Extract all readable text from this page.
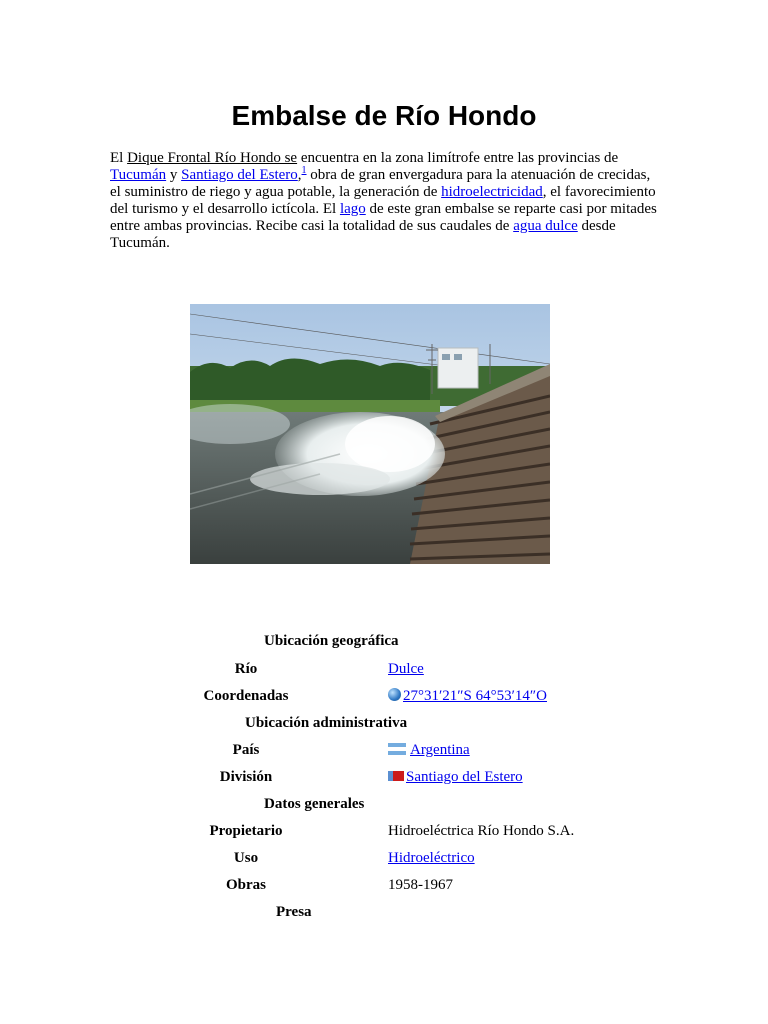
Embalse de Río Hondo

El Dique Frontal Río Hondo se encuentra en la zona limítrofe entre las provincias de Tucumán y Santiago del Estero,$^1$ obra de gran envergadura para la atenuación de crecidas, el suministro de riego y agua potable, la generación de hidroelectricidad, el favorecimiento del turismo y el desarrollo ictícola. El lago de este gran embalse se reparte casi por mitades entre ambas provincias. Recibe casi la totalidad de sus caudales de agua dulce desde Tucumán.

Ubicación geográfica
Río	Dulce
Coordenadas	27°31′21″S 64°53′14″O
Ubicación administrativa
País	Argentina
División	Santiago del Estero
Datos generales
Propietario	Hidroeléctrica Río Hondo S.A.
Uso	Hidroeléctrico
Obras	1958-1967
Presa
